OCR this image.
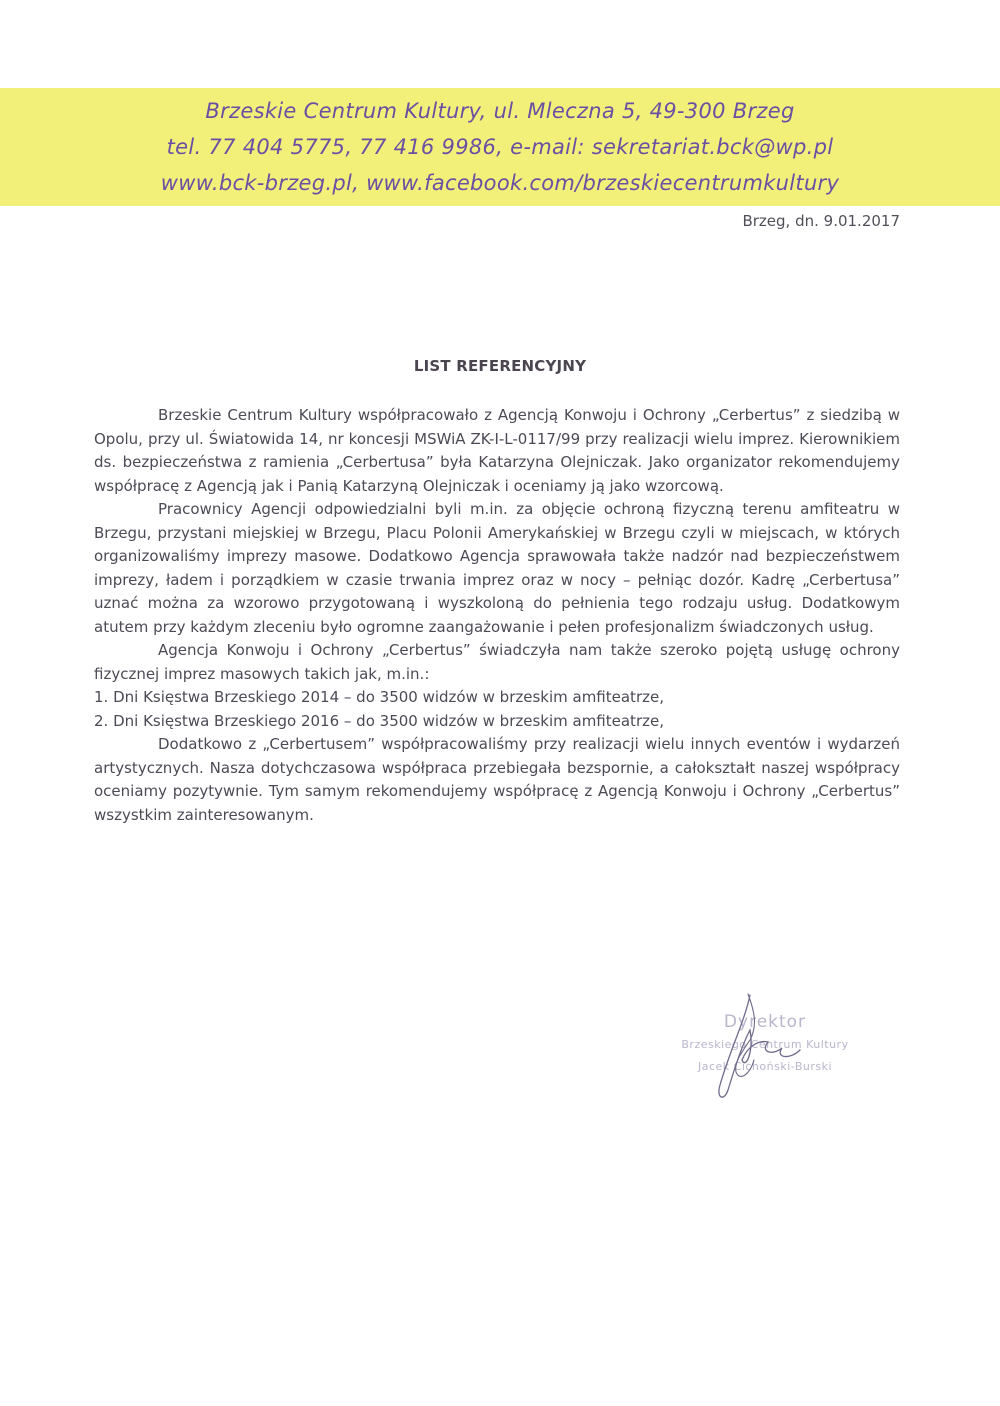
Brzeskie Centrum Kultury, ul. Mleczna 5, 49-300 Brzeg
tel. 77 404 5775, 77 416 9986, e-mail: sekretariat.bck@wp.pl
www.bck-brzeg.pl, www.facebook.com/brzeskiecentrumkultury
Brzeg, dn. 9.01.2017
LIST REFERENCYJNY

Brzeskie Centrum Kultury współpracowało z Agencją Konwoju i Ochrony „Cerbertus” z siedzibą w Opolu, przy ul. Światowida 14, nr koncesji MSWiA ZK-I-L-0117/99 przy realizacji wielu imprez. Kierownikiem ds. bezpieczeństwa z ramienia „Cerbertusa” była Katarzyna Olejniczak. Jako organizator rekomendujemy współpracę z Agencją jak i Panią Katarzyną Olejniczak i oceniamy ją jako wzorcową.

Pracownicy Agencji odpowiedzialni byli m.in. za objęcie ochroną fizyczną terenu amfiteatru w Brzegu, przystani miejskiej w Brzegu, Placu Polonii Amerykańskiej w Brzegu czyli w miejscach, w których organizowaliśmy imprezy masowe. Dodatkowo Agencja sprawowała także nadzór nad bezpieczeństwem imprezy, ładem i porządkiem w czasie trwania imprez oraz w nocy – pełniąc dozór. Kadrę „Cerbertusa” uznać można za wzorowo przygotowaną i wyszkoloną do pełnienia tego rodzaju usług. Dodatkowym atutem przy każdym zleceniu było ogromne zaangażowanie i pełen profesjonalizm świadczonych usług.

Agencja Konwoju i Ochrony „Cerbertus” świadczyła nam także szeroko pojętą usługę ochrony fizycznej imprez masowych takich jak, m.in.:

1. Dni Księstwa Brzeskiego 2014 – do 3500 widzów w brzeskim amfiteatrze,

2. Dni Księstwa Brzeskiego 2016 – do 3500 widzów w brzeskim amfiteatrze,

Dodatkowo z „Cerbertusem” współpracowaliśmy przy realizacji wielu innych eventów i wydarzeń artystycznych. Nasza dotychczasowa współpraca przebiegała bezspornie, a całokształt naszej współpracy oceniamy pozytywnie. Tym samym rekomendujemy współpracę z Agencją Konwoju i Ochrony „Cerbertus” wszystkim zainteresowanym.

Dyrektor
Brzeskiego Centrum Kultury
Jacek Cichoński-Burski
